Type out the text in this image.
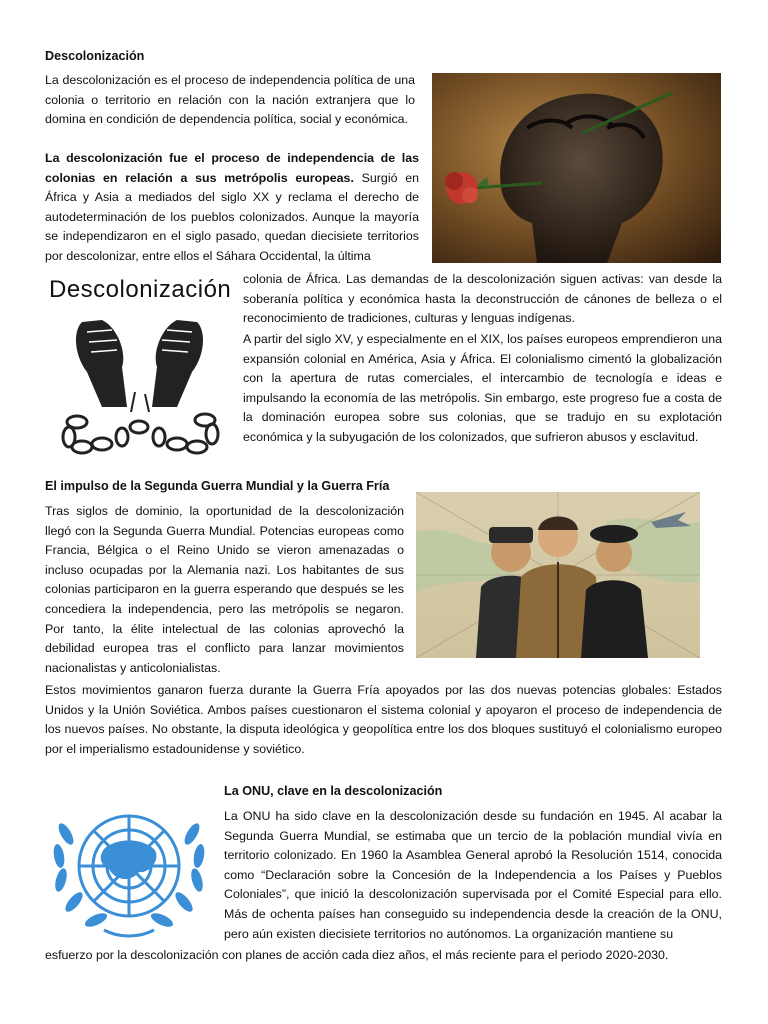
Descolonización
La descolonización es el proceso de independencia política de una colonia o territorio en relación con la nación extranjera que lo domina en condición de dependencia política, social y económica.
La descolonización fue el proceso de independencia de las colonias en relación a sus metrópolis europeas. Surgió en África y Asia a mediados del siglo XX y reclama el derecho de autodeterminación de los pueblos colonizados. Aunque la mayoría se independizaron en el siglo pasado, quedan diecisiete territorios por descolonizar, entre ellos el Sáhara Occidental, la última
Descolonización colonia de África. Las demandas de la descolonización siguen activas: van desde la soberanía política y económica hasta la deconstrucción de cánones de belleza o el reconocimiento de tradiciones, culturas y lenguas indígenas.
A partir del siglo XV, y especialmente en el XIX, los países europeos emprendieron una expansión colonial en América, Asia y África. El colonialismo cimentó la globalización con la apertura de rutas comerciales, el intercambio de tecnología e ideas e impulsando la economía de las metrópolis. Sin embargo, este progreso fue a costa de la dominación europea sobre sus colonias, que se tradujo en su explotación económica y la subyugación de los colonizados, que sufrieron abusos y esclavitud.
El impulso de la Segunda Guerra Mundial y la Guerra Fría
Tras siglos de dominio, la oportunidad de la descolonización llegó con la Segunda Guerra Mundial. Potencias europeas como Francia, Bélgica o el Reino Unido se vieron amenazadas o incluso ocupadas por la Alemania nazi. Los habitantes de sus colonias participaron en la guerra esperando que después se les concediera la independencia, pero las metrópolis se negaron. Por tanto, la élite intelectual de las colonias aprovechó la debilidad europea tras el conflicto para lanzar movimientos nacionalistas y anticolonialistas.
Estos movimientos ganaron fuerza durante la Guerra Fría apoyados por las dos nuevas potencias globales: Estados Unidos y la Unión Soviética. Ambos países cuestionaron el sistema colonial y apoyaron el proceso de independencia de los nuevos países. No obstante, la disputa ideológica y geopolítica entre los dos bloques sustituyó el colonialismo europeo por el imperialismo estadounidense y soviético.
La ONU, clave en la descolonización
La ONU ha sido clave en la descolonización desde su fundación en 1945. Al acabar la Segunda Guerra Mundial, se estimaba que un tercio de la población mundial vivía en territorio colonizado. En 1960 la Asamblea General aprobó la Resolución 1514, conocida como “Declaración sobre la Concesión de la Independencia a los Países y Pueblos Coloniales”, que inició la descolonización supervisada por el Comité Especial para ello. Más de ochenta países han conseguido su independencia desde la creación de la ONU, pero aún existen diecisiete territorios no autónomos. La organización mantiene su
esfuerzo por la descolonización con planes de acción cada diez años, el más reciente para el periodo 2020-2030.
